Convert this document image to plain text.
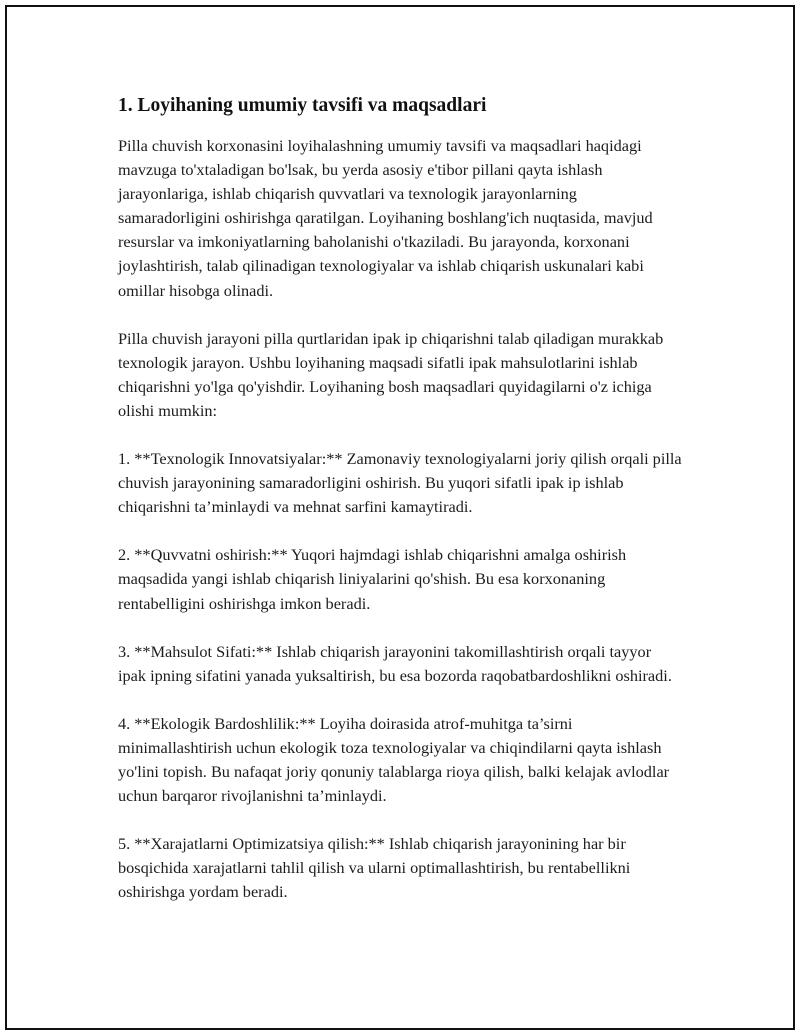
1. Loyihaning umumiy tavsifi va maqsadlari

Pilla chuvish korxonasini loyihalashning umumiy tavsifi va maqsadlari haqidagi mavzuga to'xtaladigan bo'lsak, bu yerda asosiy e'tibor pillani qayta ishlash jarayonlariga, ishlab chiqarish quvvatlari va texnologik jarayonlarning samaradorligini oshirishga qaratilgan. Loyihaning boshlang'ich nuqtasida, mavjud resurslar va imkoniyatlarning baholanishi o'tkaziladi. Bu jarayonda, korxonani joylashtirish, talab qilinadigan texnologiyalar va ishlab chiqarish uskunalari kabi omillar hisobga olinadi.

Pilla chuvish jarayoni pilla qurtlaridan ipak ip chiqarishni talab qiladigan murakkab texnologik jarayon. Ushbu loyihaning maqsadi sifatli ipak mahsulotlarini ishlab chiqarishni yo'lga qo'yishdir. Loyihaning bosh maqsadlari quyidagilarni o'z ichiga olishi mumkin:

1. **Texnologik Innovatsiyalar:** Zamonaviy texnologiyalarni joriy qilish orqali pilla chuvish jarayonining samaradorligini oshirish. Bu yuqori sifatli ipak ip ishlab chiqarishni ta’minlaydi va mehnat sarfini kamaytiradi.

2. **Quvvatni oshirish:** Yuqori hajmdagi ishlab chiqarishni amalga oshirish maqsadida yangi ishlab chiqarish liniyalarini qo'shish. Bu esa korxonaning rentabelligini oshirishga imkon beradi.

3. **Mahsulot Sifati:** Ishlab chiqarish jarayonini takomillashtirish orqali tayyor ipak ipning sifatini yanada yuksaltirish, bu esa bozorda raqobatbardoshlikni oshiradi.

4. **Ekologik Bardoshlilik:** Loyiha doirasida atrof-muhitga ta’sirni minimallashtirish uchun ekologik toza texnologiyalar va chiqindilarni qayta ishlash yo'lini topish. Bu nafaqat joriy qonuniy talablarga rioya qilish, balki kelajak avlodlar uchun barqaror rivojlanishni ta’minlaydi.

5. **Xarajatlarni Optimizatsiya qilish:** Ishlab chiqarish jarayonining har bir bosqichida xarajatlarni tahlil qilish va ularni optimallashtirish, bu rentabellikni oshirishga yordam beradi.
